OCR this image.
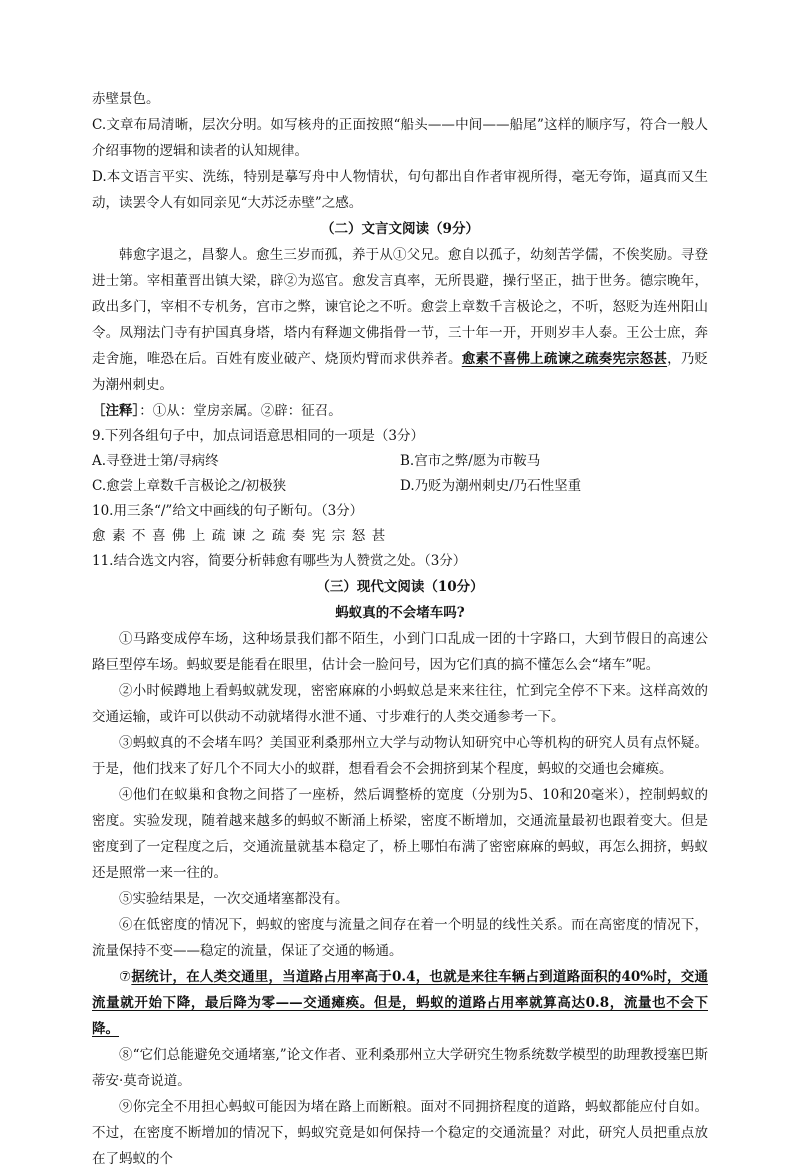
赤壁景色。

C.文章布局清晰，层次分明。如写核舟的正面按照“船头——中间——船尾”这样的顺序写，符合一般人介绍事物的逻辑和读者的认知规律。

D.本文语言平实、洗练，特别是摹写舟中人物情状，句句都出自作者审视所得，毫无夸饰，逼真而又生动，读罢令人有如同亲见“大苏泛赤壁”之感。

（二）文言文阅读（9分）

韩愈字退之，昌黎人。愈生三岁而孤，养于从①父兄。愈自以孤子，幼刻苦学儒，不俟奖励。寻登进士第。宰相董晋出镇大梁，辟②为巡官。愈发言真率，无所畏避，操行坚正，拙于世务。德宗晚年，政出多门，宰相不专机务，宫市之弊，谏官论之不听。愈尝上章数千言极论之，不听，怒贬为连州阳山令。凤翔法门寺有护国真身塔，塔内有释迦文佛指骨一节，三十年一开，开则岁丰人泰。王公士庶，奔走舍施，唯恐在后。百姓有废业破产、烧顶灼臂而求供养者。愈素不喜佛上疏谏之疏奏宪宗怒甚，乃贬为潮州刺史。

［注释］：①从：堂房亲属。②辟：征召。

9.下列各组句子中，加点词语意思相同的一项是（3分）

A.寻登进士第/寻病终	B.宫市之弊/愿为市鞍马
C.愈尝上章数千言极论之/初极狭	D.乃贬为潮州刺史/乃石性坚重

10.用三条“/”给文中画线的句子断句。（3分）

愈素不喜佛上疏谏之疏奏宪宗怒甚

11.结合选文内容，简要分析韩愈有哪些为人赞赏之处。（3分）

（三）现代文阅读（10分）

蚂蚁真的不会堵车吗?

①马路变成停车场，这种场景我们都不陌生，小到门口乱成一团的十字路口，大到节假日的高速公路巨型停车场。蚂蚁要是能看在眼里，估计会一脸问号，因为它们真的搞不懂怎么会“堵车”呢。

②小时候蹲地上看蚂蚁就发现，密密麻麻的小蚂蚁总是来来往往，忙到完全停不下来。这样高效的交通运输，或许可以供动不动就堵得水泄不通、寸步难行的人类交通参考一下。

③蚂蚁真的不会堵车吗？美国亚利桑那州立大学与动物认知研究中心等机构的研究人员有点怀疑。于是，他们找来了好几个不同大小的蚁群，想看看会不会拥挤到某个程度，蚂蚁的交通也会瘫痪。

④他们在蚁巢和食物之间搭了一座桥，然后调整桥的宽度（分别为5、10和20毫米），控制蚂蚁的密度。实验发现，随着越来越多的蚂蚁不断涌上桥梁，密度不断增加，交通流量最初也跟着变大。但是密度到了一定程度之后，交通流量就基本稳定了，桥上哪怕布满了密密麻麻的蚂蚁，再怎么拥挤，蚂蚁还是照常一来一往的。

⑤实验结果是，一次交通堵塞都没有。

⑥在低密度的情况下，蚂蚁的密度与流量之间存在着一个明显的线性关系。而在高密度的情况下，流量保持不变——稳定的流量，保证了交通的畅通。

⑦据统计，在人类交通里，当道路占用率高于0.4，也就是来往车辆占到道路面积的40%时，交通流量就开始下降，最后降为零——交通瘫痪。但是，蚂蚁的道路占用率就算高达0.8，流量也不会下降。

⑧“它们总能避免交通堵塞,”论文作者、亚利桑那州立大学研究生物系统数学模型的助理教授塞巴斯蒂安·莫奇说道。

⑨你完全不用担心蚂蚁可能因为堵在路上而断粮。面对不同拥挤程度的道路，蚂蚁都能应付自如。不过，在密度不断增加的情况下，蚂蚁究竟是如何保持一个稳定的交通流量？对此，研究人员把重点放在了蚂蚁的个
